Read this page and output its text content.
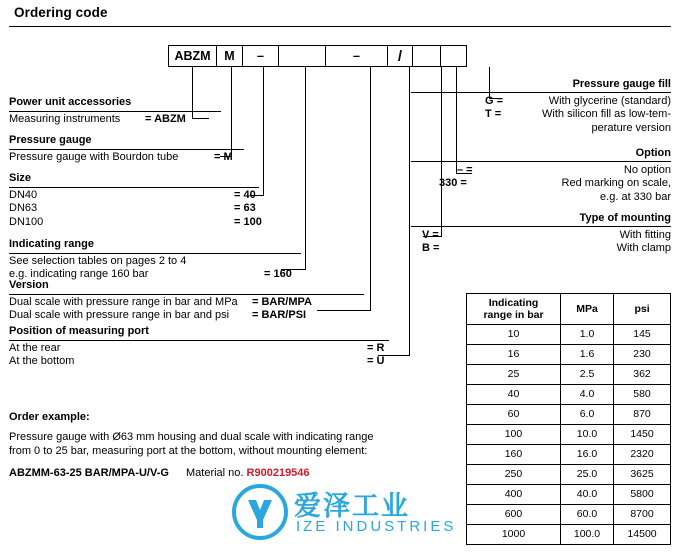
Ordering code
ABZM	M	–	–	/
Power unit accessories
Measuring instruments = ABZM
Pressure gauge
Pressure gauge with Bourdon tube	= M
Size
DN40	= 40
DN63	= 63
DN100	= 100
Indicating range
See selection tables on pages 2 to 4
e.g. indicating range 160 bar	= 160
Version
Dual scale with pressure range in bar and MPa = BAR/MPA
Dual scale with pressure range in bar and psi = BAR/PSI
Position of measuring port
At the rear	= R
At the bottom	= U
Pressure gauge fill
G =	With glycerine (standard)
T =	With silicon fill as low-tem-
perature version
Option
– =	No option
330 =	Red marking on scale,
e.g. at 330 bar
Type of mounting
V =	With fitting
B =	With clamp
Order example:
Pressure gauge with Ø63 mm housing and dual scale with indicating range
from 0 to 25 bar, measuring port at the bottom, without mounting element:
ABZMM-63-25 BAR/MPA-U/V-G Material no. R900219546
Indicating
range in bar	MPa	psi
10	1.0	145
16	1.6	230
25	2.5	362
40	4.0	580
60	6.0	870
100	10.0	1450
160	16.0	2320
250	25.0	3625
400	40.0	5800
600	60.0	8700
1000	100.0	14500
爱泽工业
IZE INDUSTRIES
